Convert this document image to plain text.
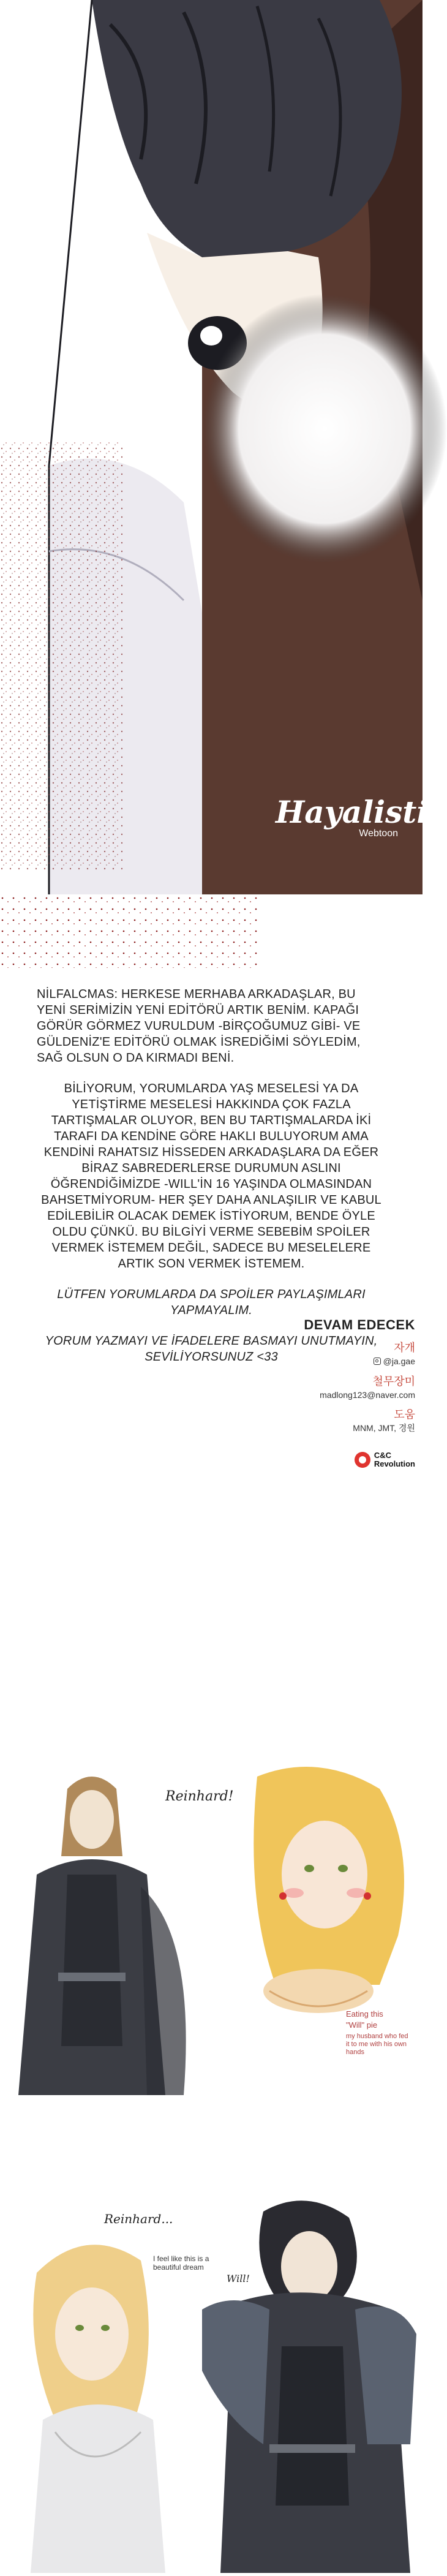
Hayalistic
Webtoon

NİLFALCMAS: HERKESE MERHABA ARKADAŞLAR, BU YENİ SERİMİZİN YENİ EDİTÖRÜ ARTIK BENİM. KAPAĞI GÖRÜR GÖRMEZ VURULDUM -BİRÇOĞUMUZ GİBİ- VE GÜLDENİZ'E EDİTÖRÜ OLMAK İSREDİĞİMİ SÖYLEDİM, SAĞ OLSUN O DA KIRMADI BENİ.

BİLİYORUM, YORUMLARDA YAŞ MESELESİ YA DA YETİŞTİRME MESELESİ HAKKINDA ÇOK FAZLA TARTIŞMALAR OLUYOR, BEN BU TARTIŞMALARDA İKİ TARAFI DA KENDİNE GÖRE HAKLI BULUYORUM AMA KENDİNİ RAHATSIZ HİSSEDEN ARKADAŞLARA DA EĞER BİRAZ SABREDERLERSE DURUMUN ASLINI ÖĞRENDİĞİMİZDE -WILL'İN 16 YAŞINDA OLMASINDAN BAHSETMİYORUM- HER ŞEY DAHA ANLAŞILIR VE KABUL EDİLEBİLİR OLACAK DEMEK İSTİYORUM, BENDE ÖYLE OLDU ÇÜNKÜ. BU BİLGİYİ VERME SEBEBİM SPOİLER VERMEK İSTEMEM DEĞİL, SADECE BU MESELELERE ARTIK SON VERMEK İSTEMEM.

LÜTFEN YORUMLARDA DA SPOİLER PAYLAŞIMLARI YAPMAYALIM.

YORUM YAZMAYI VE İFADELERE BASMAYI UNUTMAYIN, SEVİLİYORSUNUZ <33

DEVAM EDECEK

자개

@ja.gae

철무장미

madlong123@naver.com

도움

MNM, JMT, 경원

C&C
Revolution
Reinhard!
Eating this
"Will" pie
my husband who fed it to me with his own hands
Reinhard...
I feel like this is a beautiful dream
Will!
